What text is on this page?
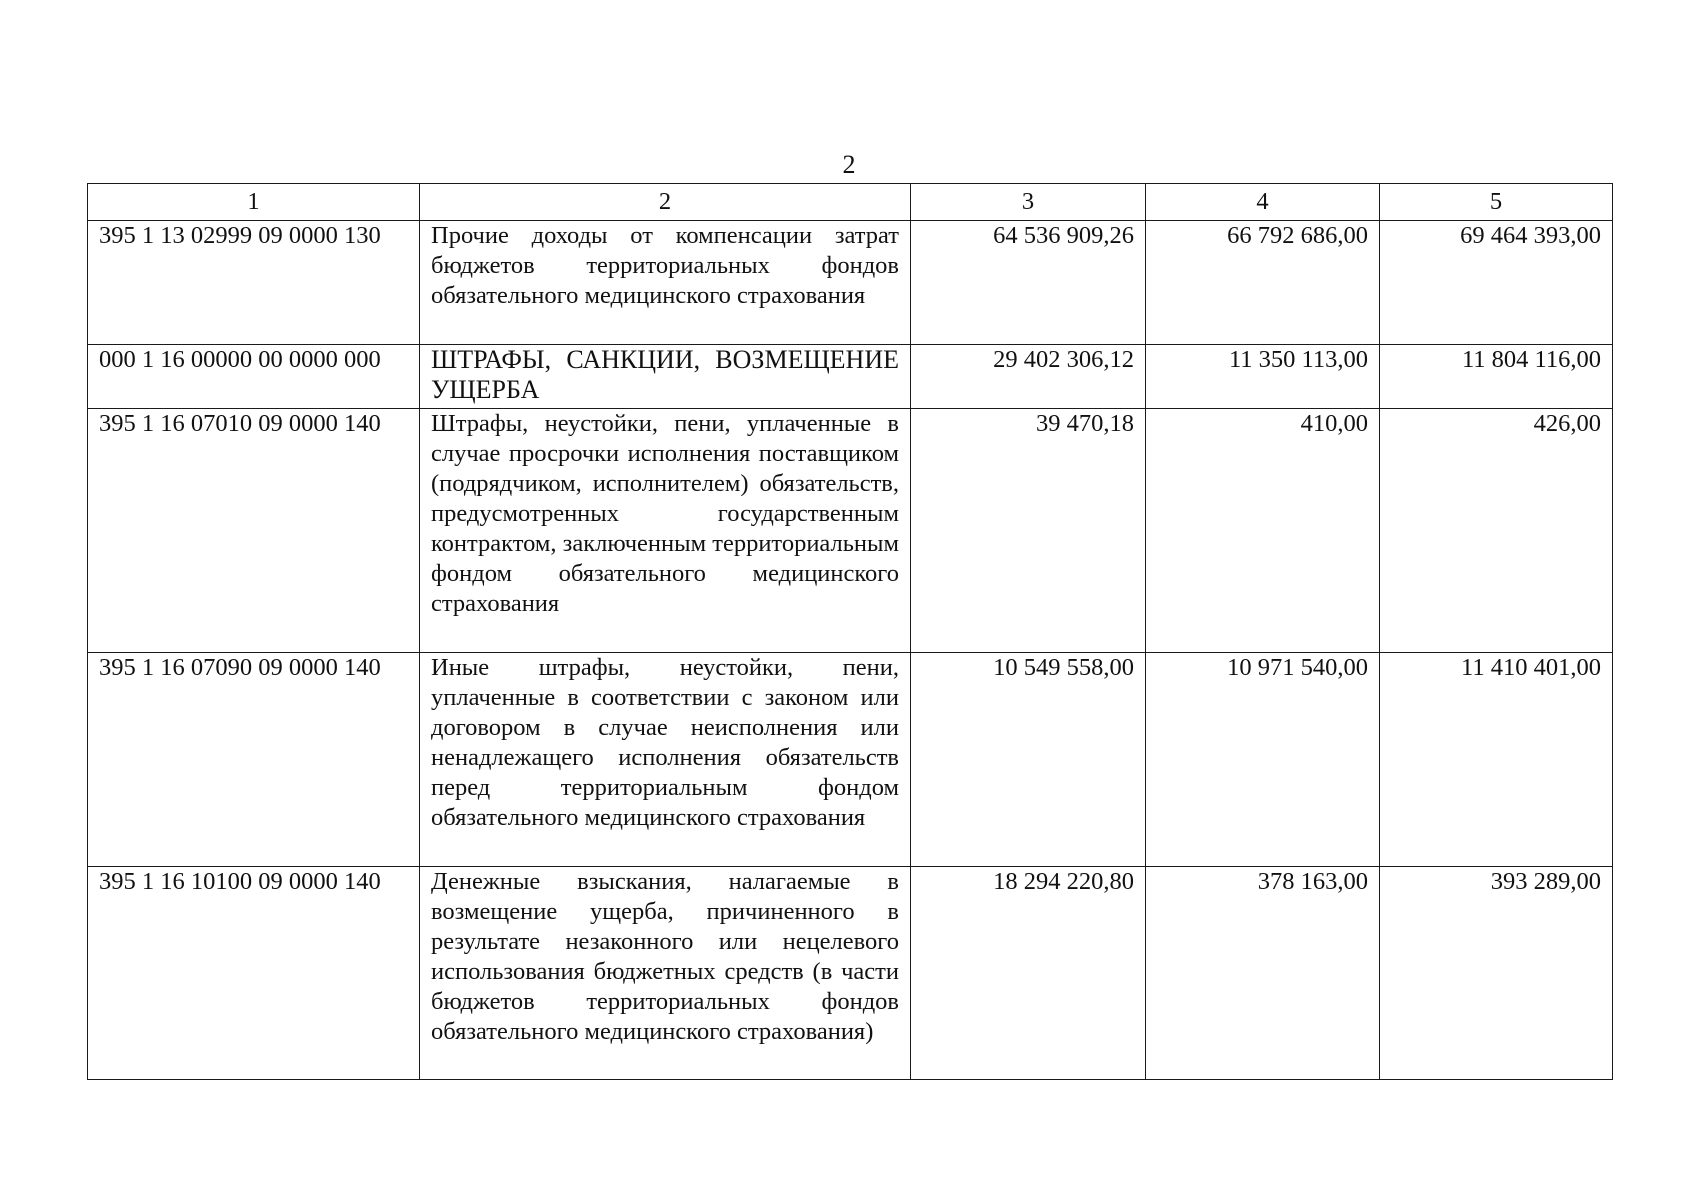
2
1	2	3	4	5
395 1 13 02999 09 0000 130	Прочие доходы от компенсации затрат бюджетов территориальных фондов обязательного медицинского страхования	64 536 909,26	66 792 686,00	69 464 393,00
000 1 16 00000 00 0000 000	ШТРАФЫ, САНКЦИИ, ВОЗМЕЩЕНИЕ УЩЕРБА	29 402 306,12	11 350 113,00	11 804 116,00
395 1 16 07010 09 0000 140	Штрафы, неустойки, пени, уплаченные в случае просрочки исполнения поставщиком (подрядчиком, исполнителем) обязательств, предусмотренных государственным контрактом, заключенным территориальным фондом обязательного медицинского страхования	39 470,18	410,00	426,00
395 1 16 07090 09 0000 140	Иные штрафы, неустойки, пени, уплаченные в соответствии с законом или договором в случае неисполнения или ненадлежащего исполнения обязательств перед территориальным фондом обязательного медицинского страхования	10 549 558,00	10 971 540,00	11 410 401,00
395 1 16 10100 09 0000 140	Денежные взыскания, налагаемые в возмещение ущерба, причиненного в результате незаконного или нецелевого использования бюджетных средств (в части бюджетов территориальных фондов обязательного медицинского страхования)	18 294 220,80	378 163,00	393 289,00
